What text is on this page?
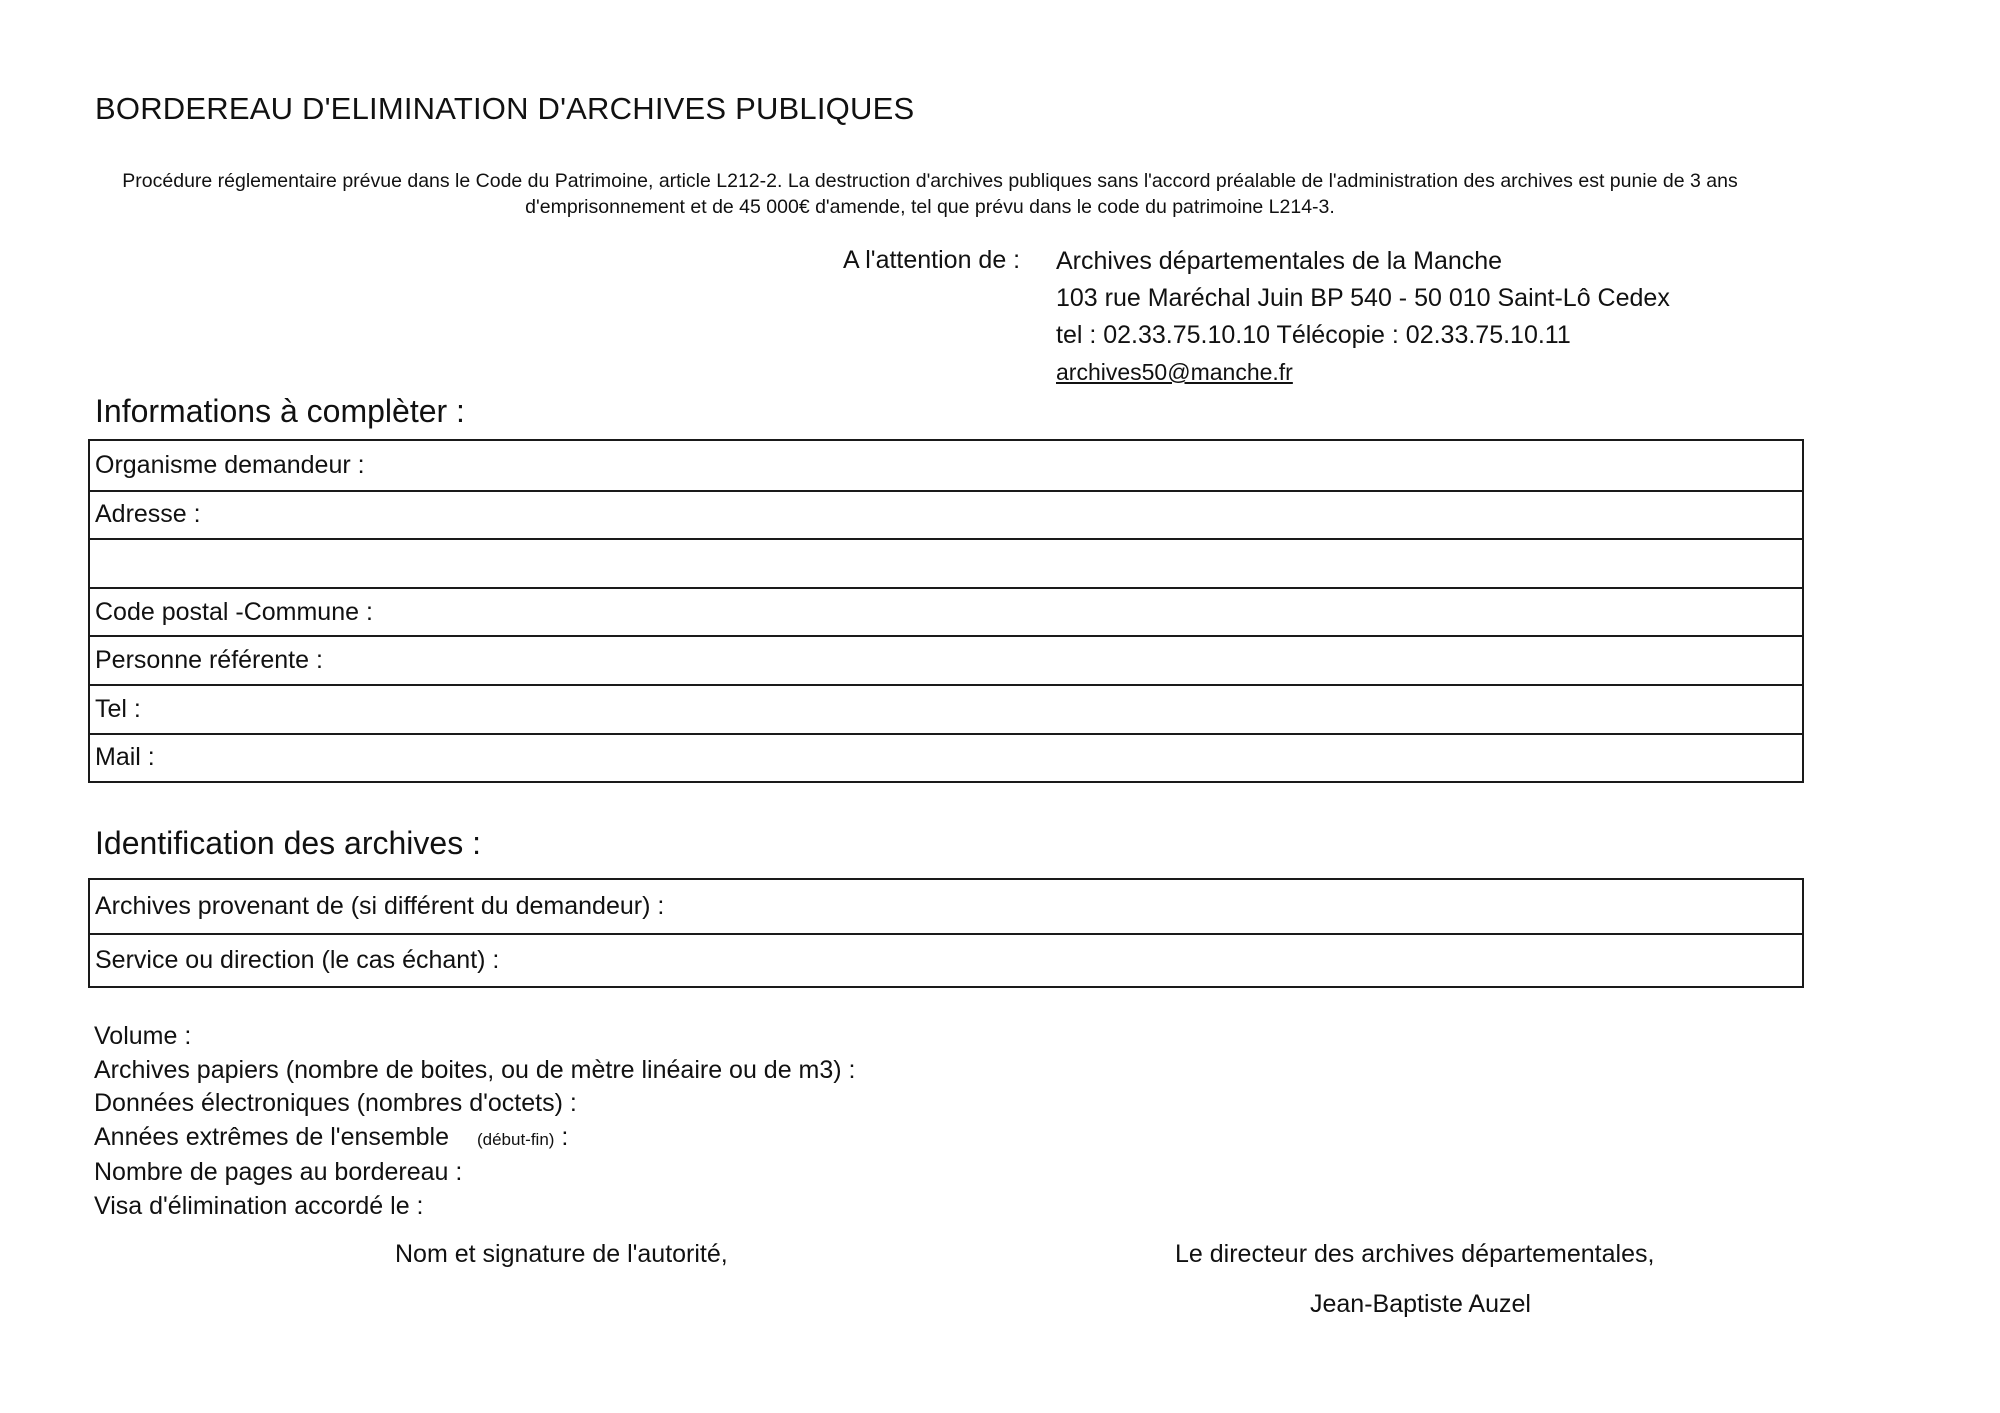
BORDEREAU D'ELIMINATION D'ARCHIVES PUBLIQUES
Procédure réglementaire prévue dans le Code du Patrimoine, article L212-2. La destruction d'archives publiques sans l'accord préalable de l'administration des archives est punie de 3 ans d'emprisonnement et de 45 000€ d'amende, tel que prévu dans le code du patrimoine L214-3.
A l'attention de : Archives départementales de la Manche
103 rue Maréchal Juin BP 540 - 50 010 Saint-Lô Cedex
tel : 02.33.75.10.10 Télécopie : 02.33.75.10.11
archives50@manche.fr
Informations à complèter :
Organisme demandeur :
Adresse :
Code postal -Commune :
Personne référente :
Tel :
Mail :
Identification des archives :
Archives provenant de (si différent du demandeur) :
Service ou direction (le cas échant) :
Volume :
Archives papiers (nombre de boites, ou de mètre linéaire ou de m3) :
Données électroniques (nombres d'octets) :
Années extrêmes de l'ensemble (début-fin) :
Nombre de pages au bordereau :
Visa d'élimination accordé le :
Nom et signature de l'autorité,	Le directeur des archives départementales,
Jean-Baptiste Auzel
